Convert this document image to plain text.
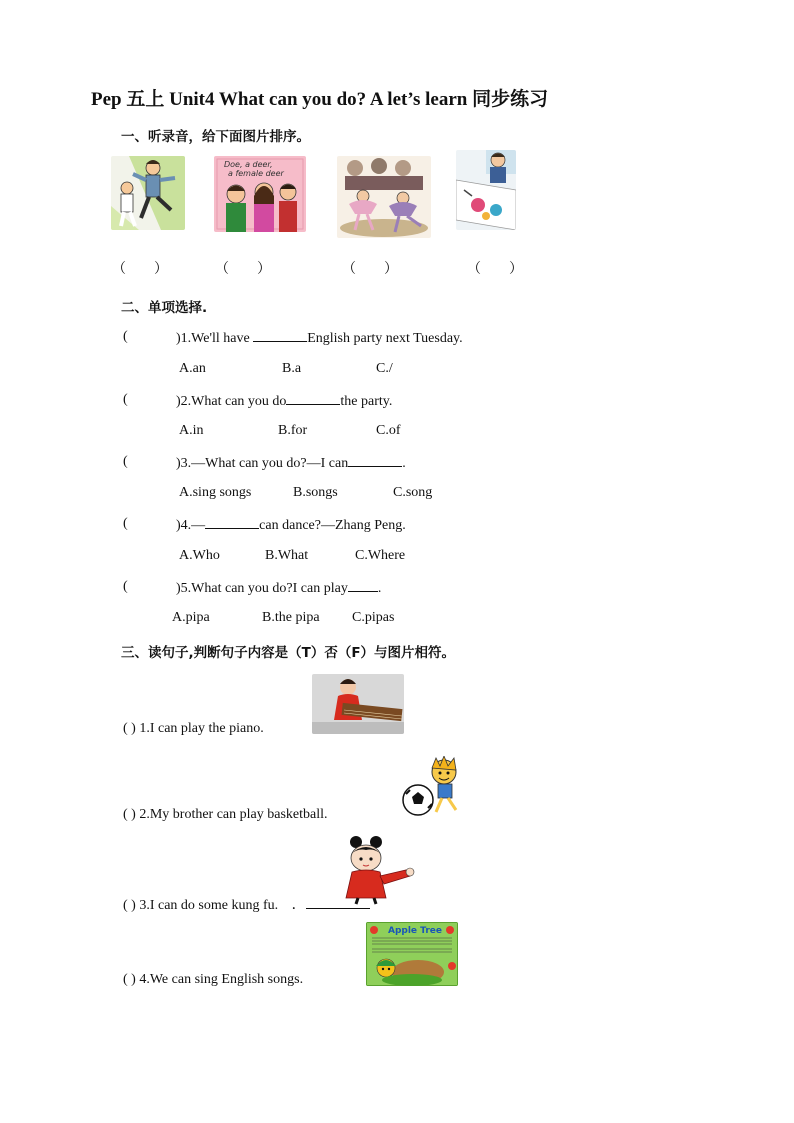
Pep 五上 Unit4 What can you do? A let’s learn 同步练习
一、听录音，给下面图片排序。
Doe, a deer,
a female deer
（　　）	（　　）	（　　）	（　　）
二、单项选择.
(	)1.We'll have	English party next Tuesday.
A.an	B.a	C./
(	)2.What can you do	the party.
A.in	B.for	C.of
(	)3.—What can you do?—I can	.
A.sing songs	B.songs	C.song
(	)4.—	can dance?—Zhang Peng.
A.Who	B.What	C.Where
(	)5.What can you do?I can play .
A.pipa	B.the pipa C.pipas
三、读句子,判断句子内容是（T）否（F）与图片相符。
( ) 1.I can play the piano.
( ) 2.My brother can play basketball.
( ) 3.I can do some kung fu. ．
Apple Tree
( ) 4.We can sing English songs.
